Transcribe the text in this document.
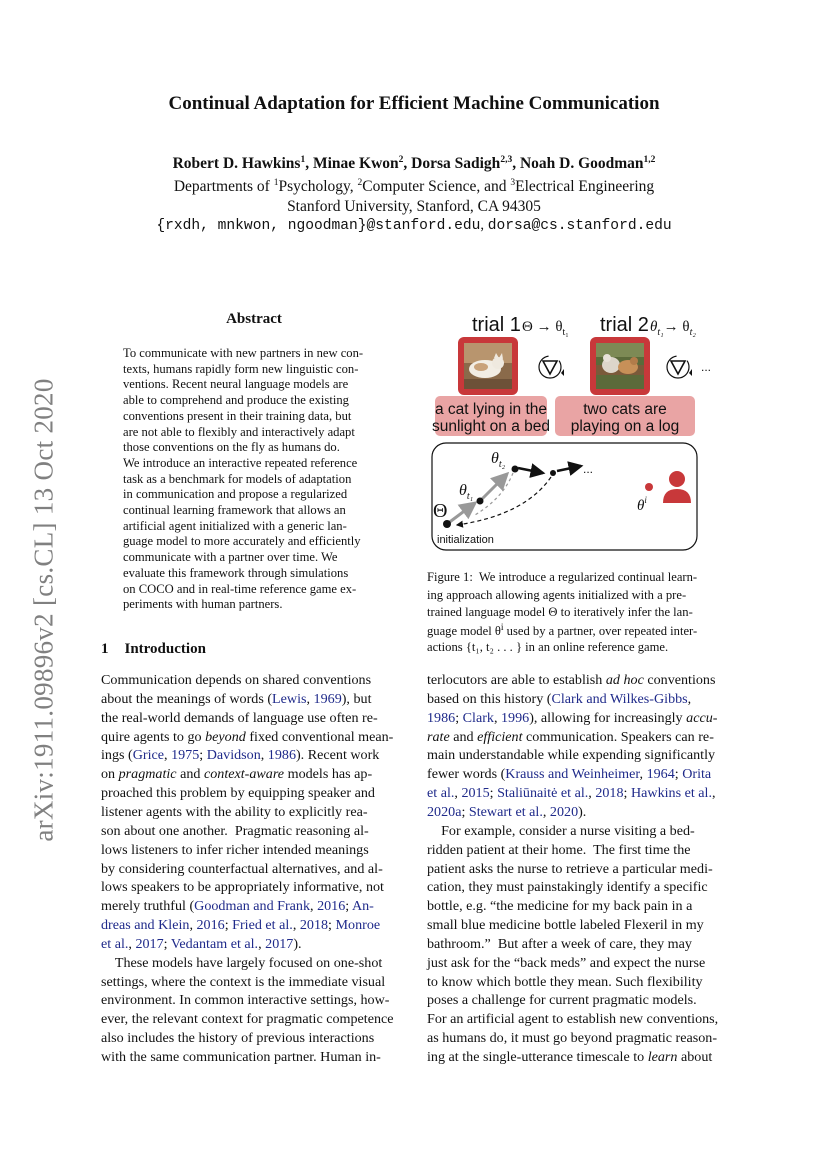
arXiv:1911.09896v2 [cs.CL] 13 Oct 2020
Continual Adaptation for Efficient Machine Communication
Robert D. Hawkins$^1$, Minae Kwon$^2$, Dorsa Sadigh$^{2,3}$, Noah D. Goodman$^{1,2}$
Departments of $^1$Psychology, $^2$Computer Science, and $^3$Electrical Engineering
Stanford University, Stanford, CA 94305
{rxdh, mnkwon, ngoodman}@stanford.edu, dorsa@cs.stanford.edu
Abstract
To communicate with new partners in new con-
texts, humans rapidly form new linguistic con-
ventions. Recent neural language models are
able to comprehend and produce the existing
conventions present in their training data, but
are not able to flexibly and interactively adapt
those conventions on the fly as humans do.
We introduce an interactive repeated reference
task as a benchmark for models of adaptation
in communication and propose a regularized
continual learning framework that allows an
artificial agent initialized with a generic lan-
guage model to more accurately and efficiently
communicate with a partner over time. We
evaluate this framework through simulations
on COCO and in real-time reference game ex-
periments with human partners.
1 Introduction
Communication depends on shared conventions
about the meanings of words (Lewis, 1969), but
the real-world demands of language use often re-
quire agents to go beyond fixed conventional mean-
ings (Grice, 1975; Davidson, 1986). Recent work
on pragmatic and context-aware models has ap-
proached this problem by equipping speaker and
listener agents with the ability to explicitly rea-
son about one another.  Pragmatic reasoning al-
lows listeners to infer richer intended meanings
by considering counterfactual alternatives, and al-
lows speakers to be appropriately informative, not
merely truthful (Goodman and Frank, 2016; An-
dreas and Klein, 2016; Fried et al., 2018; Monroe
et al., 2017; Vedantam et al., 2017).
These models have largely focused on one-shot
settings, where the context is the immediate visual
environment. In common interactive settings, how-
ever, the relevant context for pragmatic competence
also includes the history of previous interactions
with the same communication partner. Human in-
terlocutors are able to establish ad hoc conventions
based on this history (Clark and Wilkes-Gibbs,
1986; Clark, 1996), allowing for increasingly accu-
rate and efficient communication. Speakers can re-
main understandable while expending significantly
fewer words (Krauss and Weinheimer, 1964; Orita
et al., 2015; Staliūnaitė et al., 2018; Hawkins et al.,
2020a; Stewart et al., 2020).
For example, consider a nurse visiting a bed-
ridden patient at their home.  The first time the
patient asks the nurse to retrieve a particular medi-
cation, they must painstakingly identify a specific
bottle, e.g. “the medicine for my back pain in a
small blue medicine bottle labeled Flexeril in my
bathroom.”  But after a week of care, they may
just ask for the “back meds” and expect the nurse
to know which bottle they mean. Such flexibility
poses a challenge for current pragmatic models.
For an artificial agent to establish new conventions,
as humans do, it must go beyond pragmatic reason-
ing at the single-utterance timescale to learn about
Figure 1:  We introduce a regularized continual learn-
ing approach allowing agents initialized with a pre-
trained language model Θ to iteratively infer the lan-
guage model $\theta^i$ used by a partner, over repeated inter-
actions {t₁, t₂ . . . } in an online reference game.
trial 1 $\Theta \to \theta_{t_1}$ trial 2 $\theta_{t_1}\to \theta_{t_2}$
...
a cat lying in the
sunlight on a bed
two cats are
playing on a log
...
Θ
$\theta_{t_1}$
$\theta_{t_2}$
$\theta^i$
initialization
